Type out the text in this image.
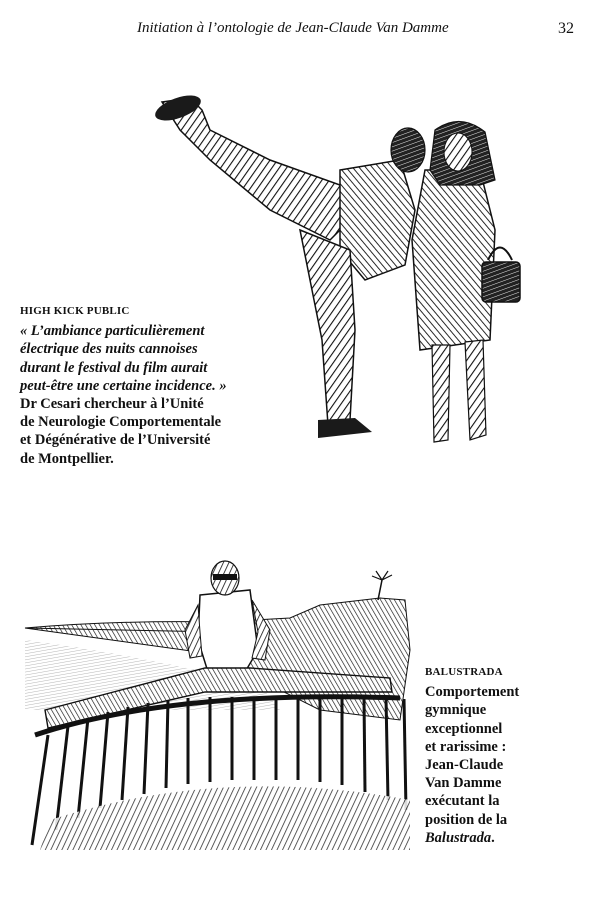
Initiation à l’ontologie de Jean-Claude Van Damme	32
HIGH KICK PUBLIC
« L’ambiance particulièrement
électrique des nuits cannoises
durant le festival du film aurait
peut-être une certaine incidence. »
Dr Cesari chercheur à l’Unité
de Neurologie Comportementale
et Dégénérative de l’Université
de Montpellier.
BALUSTRADA
Comportement
gymnique
exceptionnel
et rarissime :
Jean-Claude
Van Damme
exécutant la
position de la
Balustrada.
